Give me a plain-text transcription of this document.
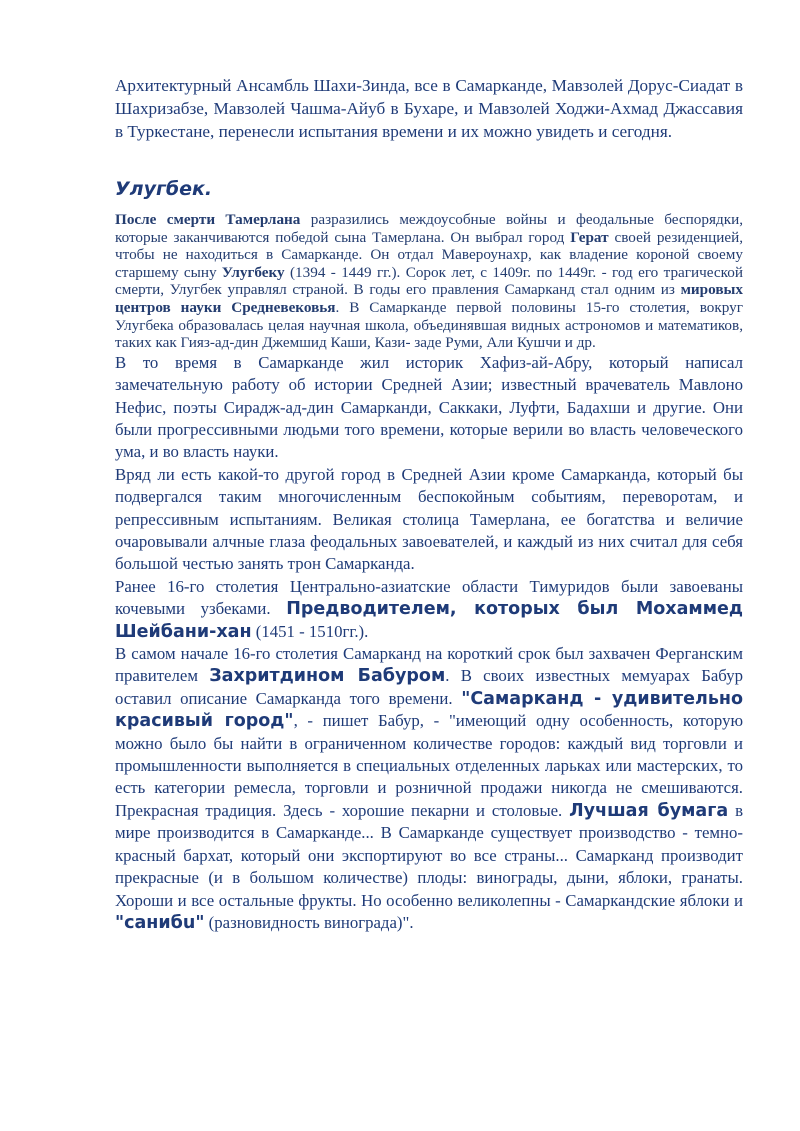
Архитектурный Ансамбль Шахи-Зинда, все в Самарканде, Мавзолей Дорус-Сиадат в Шахризабзе, Мавзолей Чашма-Айуб в Бухаре, и Мавзолей Ходжи-Ахмад Джассавия в Туркестане, перенесли испытания времени и их можно увидеть и сегодня.

Улугбек.

После смерти Тамерлана разразились междоусобные войны и феодальные беспорядки, которые заканчиваются победой сына Тамерлана. Он выбрал город Герат своей резиденцией, чтобы не находиться в Самарканде. Он отдал Мавероунахр, как владение короной своему старшему сыну Улугбеку (1394 - 1449 гг.). Сорок лет, с 1409г. по 1449г. - год его трагической смерти, Улугбек управлял страной. В годы его правления Самарканд стал одним из мировых центров науки Средневековья. В Самарканде первой половины 15-го столетия, вокруг Улугбека образовалась целая научная школа, объединявшая видных астрономов и математиков, таких как Гияз-ад-дин Джемшид Каши, Кази- заде Руми, Али Кушчи и др.

В то время в Самарканде жил историк Хафиз-ай-Абру, который написал замечательную работу об истории Средней Азии; известный врачеватель Мавлоно Нефис, поэты Сирадж-ад-дин Самарканди, Саккаки, Луфти, Бадахши и другие. Они были прогрессивными людьми того времени, которые верили во власть человеческого ума, и во власть науки.

Вряд ли есть какой-то другой город в Средней Азии кроме Самарканда, который бы подвергался таким многочисленным беспокойным событиям, переворотам, и репрессивным испытаниям. Великая столица Тамерлана, ее богатства и величие очаровывали алчные глаза феодальных завоевателей, и каждый из них считал для себя большой честью занять трон Самарканда.

Ранее 16-го столетия Центрально-азиатские области Тимуридов были завоеваны кочевыми узбеками. Предводителем, которых был Мохаммед Шейбани-хан (1451 - 1510гг.).

В самом начале 16-го столетия Самарканд на короткий срок был захвачен Ферганским правителем Захритдином Бабуром. В своих известных мемуарах Бабур оставил описание Самарканда того времени. "Самарканд - удивительно красивый город", - пишет Бабур, - "имеющий одну особенность, которую можно было бы найти в ограниченном количестве городов: каждый вид торговли и промышленности выполняется в специальных отделенных ларьках или мастерских, то есть категории ремесла, торговли и розничной продажи никогда не смешиваются. Прекрасная традиция. Здесь - хорошие пекарни и столовые. Лучшая бумага в мире производится в Самарканде... В Самарканде существует производство - темно-красный бархат, который они экспортируют во все страны... Самарканд производит прекрасные (и в большом количестве) плоды: винограды, дыни, яблоки, гранаты. Хороши и все остальные фрукты. Но особенно великолепны - Самаркандские яблоки и "санибu" (разновидность винограда)".
